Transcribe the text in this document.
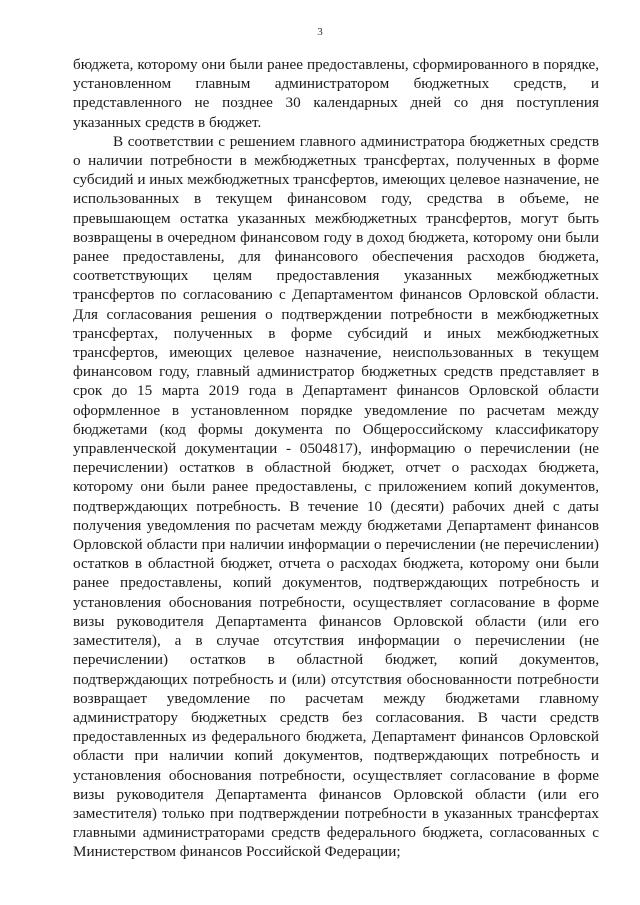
3

бюджета, которому они были ранее предоставлены, сформированного в порядке, установленном главным администратором бюджетных средств, и представленного не позднее 30 календарных дней со дня поступления указанных средств в бюджет.

В соответствии с решением главного администратора бюджетных средств о наличии потребности в межбюджетных трансфертах, полученных в форме субсидий и иных межбюджетных трансфертов, имеющих целевое назначение, не использованных в текущем финансовом году, средства в объеме, не превышающем остатка указанных межбюджетных трансфертов, могут быть возвращены в очередном финансовом году в доход бюджета, которому они были ранее предоставлены, для финансового обеспечения расходов бюджета, соответствующих целям предоставления указанных межбюджетных трансфертов по согласованию с Департаментом финансов Орловской области. Для согласования решения о подтверждении потребности в межбюджетных трансфертах, полученных в форме субсидий и иных межбюджетных трансфертов, имеющих целевое назначение, неиспользованных в текущем финансовом году, главный администратор бюджетных средств представляет в срок до 15 марта 2019 года в Департамент финансов Орловской области оформленное в установленном порядке уведомление по расчетам между бюджетами (код формы документа по Общероссийскому классификатору управленческой документации - 0504817), информацию о перечислении (не перечислении) остатков в областной бюджет, отчет о расходах бюджета, которому они были ранее предоставлены, с приложением копий документов, подтверждающих потребность. В течение 10 (десяти) рабочих дней с даты получения уведомления по расчетам между бюджетами Департамент финансов Орловской области при наличии информации о перечислении (не перечислении) остатков в областной бюджет, отчета о расходах бюджета, которому они были ранее предоставлены, копий документов, подтверждающих потребность и установления обоснования потребности, осуществляет согласование в форме визы руководителя Департамента финансов Орловской области (или его заместителя), а в случае отсутствия информации о перечислении (не перечислении) остатков в областной бюджет, копий документов, подтверждающих потребность и (или) отсутствия обоснованности потребности возвращает уведомление по расчетам между бюджетами главному администратору бюджетных средств без согласования. В части средств предоставленных из федерального бюджета, Департамент финансов Орловской области при наличии копий документов, подтверждающих потребность и установления обоснования потребности, осуществляет согласование в форме визы руководителя Департамента финансов Орловской области (или его заместителя) только при подтверждении потребности в указанных трансфертах главными администраторами средств федерального бюджета, согласованных с Министерством финансов Российской Федерации;
